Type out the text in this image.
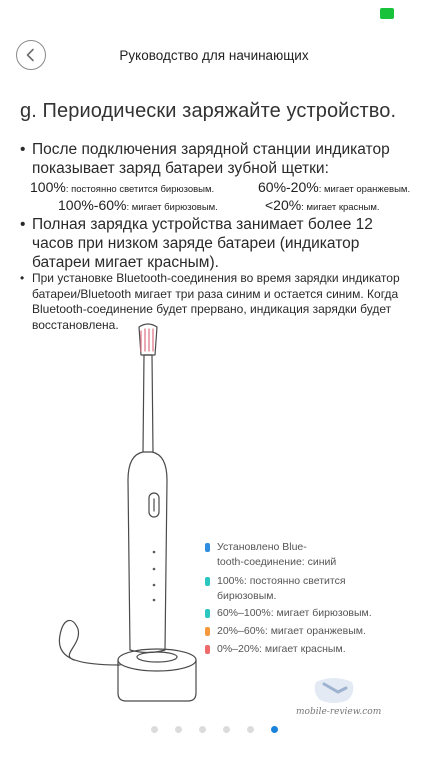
Руководство для начинающих
g. Периодически заряжайте устройство.
• После подключения зарядной станции индикатор показывает заряд батареи зубной щетки:
100%: постоянно светится бирюзовым.	60%-20%: мигает оранжевым.
100%-60%: мигает бирюзовым.	<20%: мигает красным.
• Полная зарядка устройства занимает более 12 часов при низком заряде батареи (индикатор батареи мигает красным).
• При установке Bluetooth-соединения во время зарядки индикатор батареи/Bluetooth мигает три раза синим и остается синим. Когда Bluetooth-соединение будет прервано, индикация зарядки будет восстановлена.
Установлено Blue-
tooth-соединение: синий
100%: постоянно светится
бирюзовым.
60%–100%: мигает бирюзовым.
20%–60%: мигает оранжевым.
0%–20%: мигает красным.
mobile-review.com
